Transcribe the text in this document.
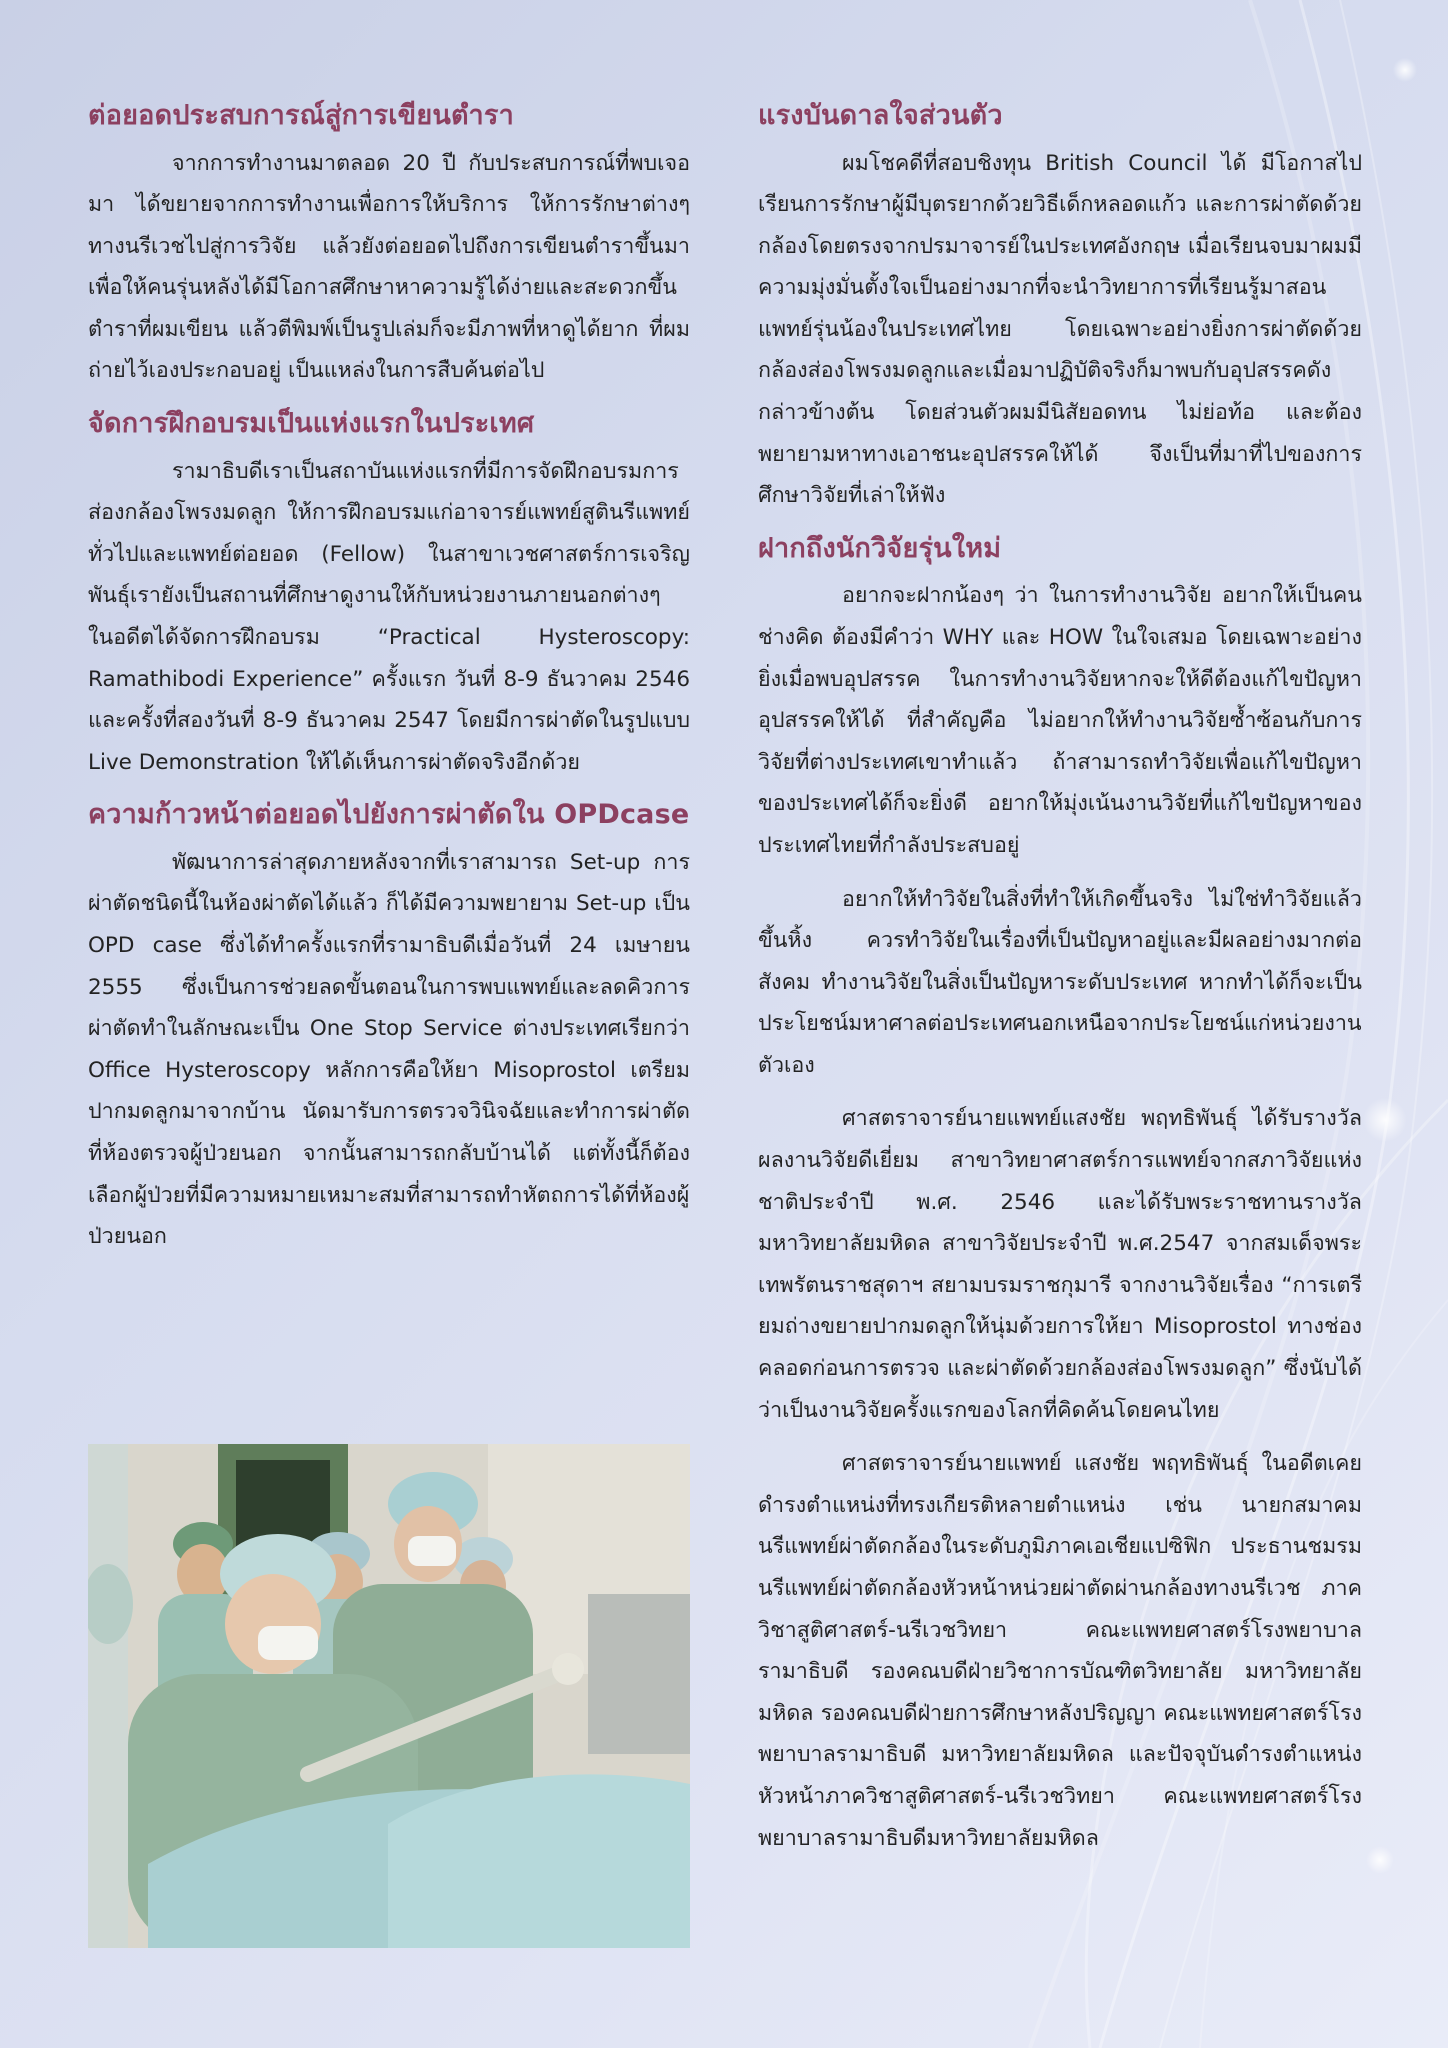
ต่อยอดประสบการณ์สู่การเขียนตำรา

จากการทำงานมาตลอด 20 ปี กับประสบการณ์ที่พบเจอมา ได้ขยายจากการทำงานเพื่อการให้บริการ ให้การรักษาต่างๆ ทางนรีเวชไปสู่การวิจัย แล้วยังต่อยอดไปถึงการเขียนตำราขึ้นมา เพื่อให้คนรุ่นหลังได้มีโอกาสศึกษาหาความรู้ได้ง่ายและสะดวกขึ้น ตำราที่ผมเขียน แล้วตีพิมพ์เป็นรูปเล่มก็จะมีภาพที่หาดูได้ยาก ที่ผมถ่ายไว้เองประกอบอยู่ เป็นแหล่งในการสืบค้นต่อไป

จัดการฝึกอบรมเป็นแห่งแรกในประเทศ

รามาธิบดีเราเป็นสถาบันแห่งแรกที่มีการจัดฝึกอบรมการส่องกล้องโพรงมดลูก ให้การฝึกอบรมแก่อาจารย์แพทย์สูตินรีแพทย์ทั่วไปและแพทย์ต่อยอด (Fellow) ในสาขาเวชศาสตร์การเจริญพันธุ์เรายังเป็นสถานที่ศึกษาดูงานให้กับหน่วยงานภายนอกต่างๆ ในอดีตได้จัดการฝึกอบรม “Practical Hysteroscopy: Ramathibodi Experience” ครั้งแรก วันที่ 8-9 ธันวาคม 2546 และครั้งที่สองวันที่ 8-9 ธันวาคม 2547 โดยมีการผ่าตัดในรูปแบบ Live Demonstration ให้ได้เห็นการผ่าตัดจริงอีกด้วย

ความก้าวหน้าต่อยอดไปยังการผ่าตัดใน OPDcase

พัฒนาการล่าสุดภายหลังจากที่เราสามารถ Set-up การผ่าตัดชนิดนี้ในห้องผ่าตัดได้แล้ว ก็ได้มีความพยายาม Set-up เป็น OPD case ซึ่งได้ทำครั้งแรกที่รามาธิบดีเมื่อวันที่ 24 เมษายน 2555 ซึ่งเป็นการช่วยลดขั้นตอนในการพบแพทย์และลดคิวการผ่าตัดทำในลักษณะเป็น One Stop Service ต่างประเทศเรียกว่า Office Hysteroscopy หลักการคือให้ยา Misoprostol เตรียมปากมดลูกมาจากบ้าน นัดมารับการตรวจวินิจฉัยและทำการผ่าตัดที่ห้องตรวจผู้ป่วยนอก จากนั้นสามารถกลับบ้านได้ แต่ทั้งนี้ก็ต้องเลือกผู้ป่วยที่มีความหมายเหมาะสมที่สามารถทำหัตถการได้ที่ห้องผู้ป่วยนอก

แรงบันดาลใจส่วนตัว

ผมโชคดีที่สอบชิงทุน British Council ได้ มีโอกาสไปเรียนการรักษาผู้มีบุตรยากด้วยวิธีเด็กหลอดแก้ว และการผ่าตัดด้วยกล้องโดยตรงจากปรมาจารย์ในประเทศอังกฤษ เมื่อเรียนจบมาผมมีความมุ่งมั่นตั้งใจเป็นอย่างมากที่จะนำวิทยาการที่เรียนรู้มาสอนแพทย์รุ่นน้องในประเทศไทย โดยเฉพาะอย่างยิ่งการผ่าตัดด้วยกล้องส่องโพรงมดลูกและเมื่อมาปฏิบัติจริงก็มาพบกับอุปสรรคดังกล่าวข้างต้น โดยส่วนตัวผมมีนิสัยอดทน ไม่ย่อท้อ และต้องพยายามหาทางเอาชนะอุปสรรคให้ได้ จึงเป็นที่มาที่ไปของการศึกษาวิจัยที่เล่าให้ฟัง

ฝากถึงนักวิจัยรุ่นใหม่

อยากจะฝากน้องๆ ว่า ในการทำงานวิจัย อยากให้เป็นคนช่างคิด ต้องมีคำว่า WHY และ HOW ในใจเสมอ โดยเฉพาะอย่างยิ่งเมื่อพบอุปสรรค ในการทำงานวิจัยหากจะให้ดีต้องแก้ไขปัญหาอุปสรรคให้ได้ ที่สำคัญคือ ไม่อยากให้ทำงานวิจัยซ้ำซ้อนกับการวิจัยที่ต่างประเทศเขาทำแล้ว ถ้าสามารถทำวิจัยเพื่อแก้ไขปัญหาของประเทศได้ก็จะยิ่งดี อยากให้มุ่งเน้นงานวิจัยที่แก้ไขปัญหาของประเทศไทยที่กำลังประสบอยู่

อยากให้ทำวิจัยในสิ่งที่ทำให้เกิดขึ้นจริง ไม่ใช่ทำวิจัยแล้วขึ้นหิ้ง ควรทำวิจัยในเรื่องที่เป็นปัญหาอยู่และมีผลอย่างมากต่อสังคม ทำงานวิจัยในสิ่งเป็นปัญหาระดับประเทศ หากทำได้ก็จะเป็นประโยชน์มหาศาลต่อประเทศนอกเหนือจากประโยชน์แก่หน่วยงานตัวเอง

ศาสตราจารย์นายแพทย์แสงชัย พฤทธิพันธุ์ ได้รับรางวัลผลงานวิจัยดีเยี่ยม สาขาวิทยาศาสตร์การแพทย์จากสภาวิจัยแห่งชาติประจำปี พ.ศ. 2546 และได้รับพระราชทานรางวัลมหาวิทยาลัยมหิดล สาขาวิจัยประจำปี พ.ศ.2547 จากสมเด็จพระเทพรัตนราชสุดาฯ สยามบรมราชกุมารี จากงานวิจัยเรื่อง “การเตรียมถ่างขยายปากมดลูกให้นุ่มด้วยการให้ยา Misoprostol ทางช่องคลอดก่อนการตรวจ และผ่าตัดด้วยกล้องส่องโพรงมดลูก” ซึ่งนับได้ว่าเป็นงานวิจัยครั้งแรกของโลกที่คิดค้นโดยคนไทย

ศาสตราจารย์นายแพทย์ แสงชัย พฤทธิพันธุ์ ในอดีตเคยดำรงตำแหน่งที่ทรงเกียรติหลายตำแหน่ง เช่น นายกสมาคมนรีแพทย์ผ่าตัดกล้องในระดับภูมิภาคเอเชียแปซิฟิก ประธานชมรมนรีแพทย์ผ่าตัดกล้องหัวหน้าหน่วยผ่าตัดผ่านกล้องทางนรีเวช ภาควิชาสูติศาสตร์-นรีเวชวิทยา คณะแพทยศาสตร์โรงพยาบาลรามาธิบดี รองคณบดีฝ่ายวิชาการบัณฑิตวิทยาลัย มหาวิทยาลัยมหิดล รองคณบดีฝ่ายการศึกษาหลังปริญญา คณะแพทยศาสตร์โรงพยาบาลรามาธิบดี มหาวิทยาลัยมหิดล และปัจจุบันดำรงตำแหน่งหัวหน้าภาควิชาสูติศาสตร์-นรีเวชวิทยา คณะแพทยศาสตร์โรงพยาบาลรามาธิบดีมหาวิทยาลัยมหิดล
